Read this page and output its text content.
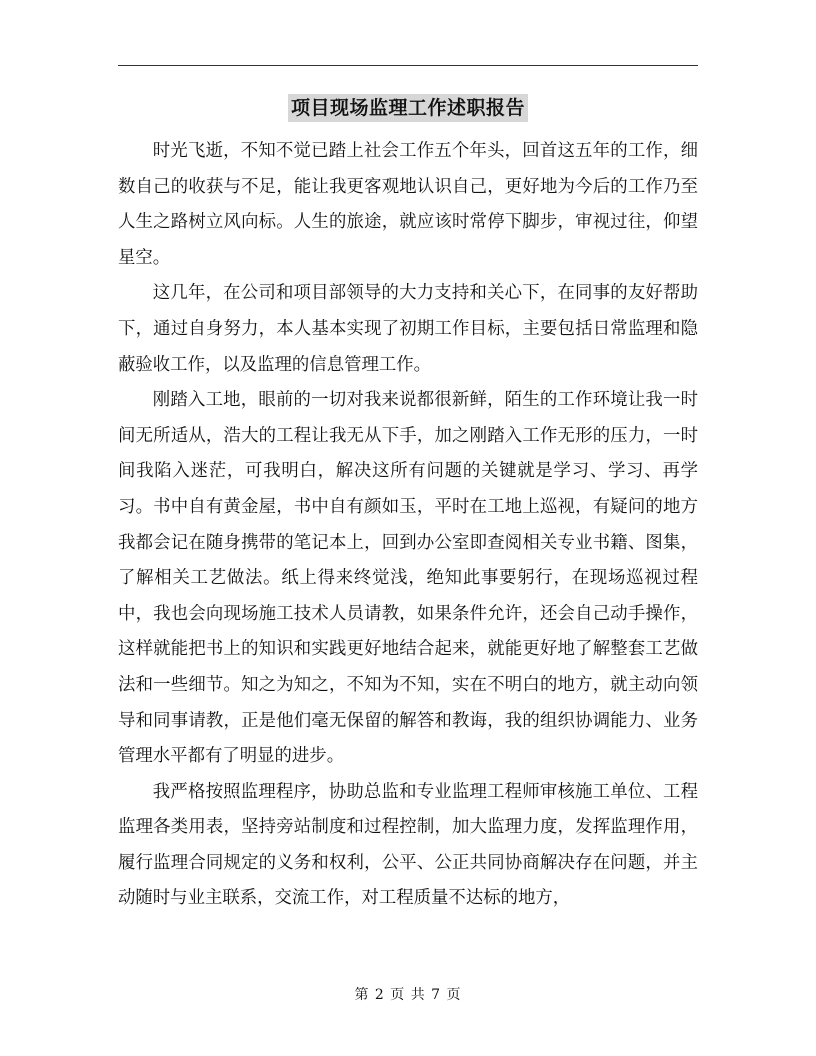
项目现场监理工作述职报告

时光飞逝，不知不觉已踏上社会工作五个年头，回首这五年的工作，细数自己的收获与不足，能让我更客观地认识自己，更好地为今后的工作乃至人生之路树立风向标。人生的旅途，就应该时常停下脚步，审视过往，仰望星空。

这几年，在公司和项目部领导的大力支持和关心下，在同事的友好帮助下，通过自身努力，本人基本实现了初期工作目标，主要包括日常监理和隐蔽验收工作，以及监理的信息管理工作。

刚踏入工地，眼前的一切对我来说都很新鲜，陌生的工作环境让我一时间无所适从，浩大的工程让我无从下手，加之刚踏入工作无形的压力，一时间我陷入迷茫，可我明白，解决这所有问题的关键就是学习、学习、再学习。书中自有黄金屋，书中自有颜如玉，平时在工地上巡视，有疑问的地方我都会记在随身携带的笔记本上，回到办公室即查阅相关专业书籍、图集，了解相关工艺做法。纸上得来终觉浅，绝知此事要躬行，在现场巡视过程中，我也会向现场施工技术人员请教，如果条件允许，还会自己动手操作，这样就能把书上的知识和实践更好地结合起来，就能更好地了解整套工艺做法和一些细节。知之为知之，不知为不知，实在不明白的地方，就主动向领导和同事请教，正是他们毫无保留的解答和教诲，我的组织协调能力、业务管理水平都有了明显的进步。

我严格按照监理程序，协助总监和专业监理工程师审核施工单位、工程监理各类用表，坚持旁站制度和过程控制，加大监理力度，发挥监理作用，履行监理合同规定的义务和权利，公平、公正共同协商解决存在问题，并主动随时与业主联系，交流工作，对工程质量不达标的地方，

第 2 页 共 7 页
